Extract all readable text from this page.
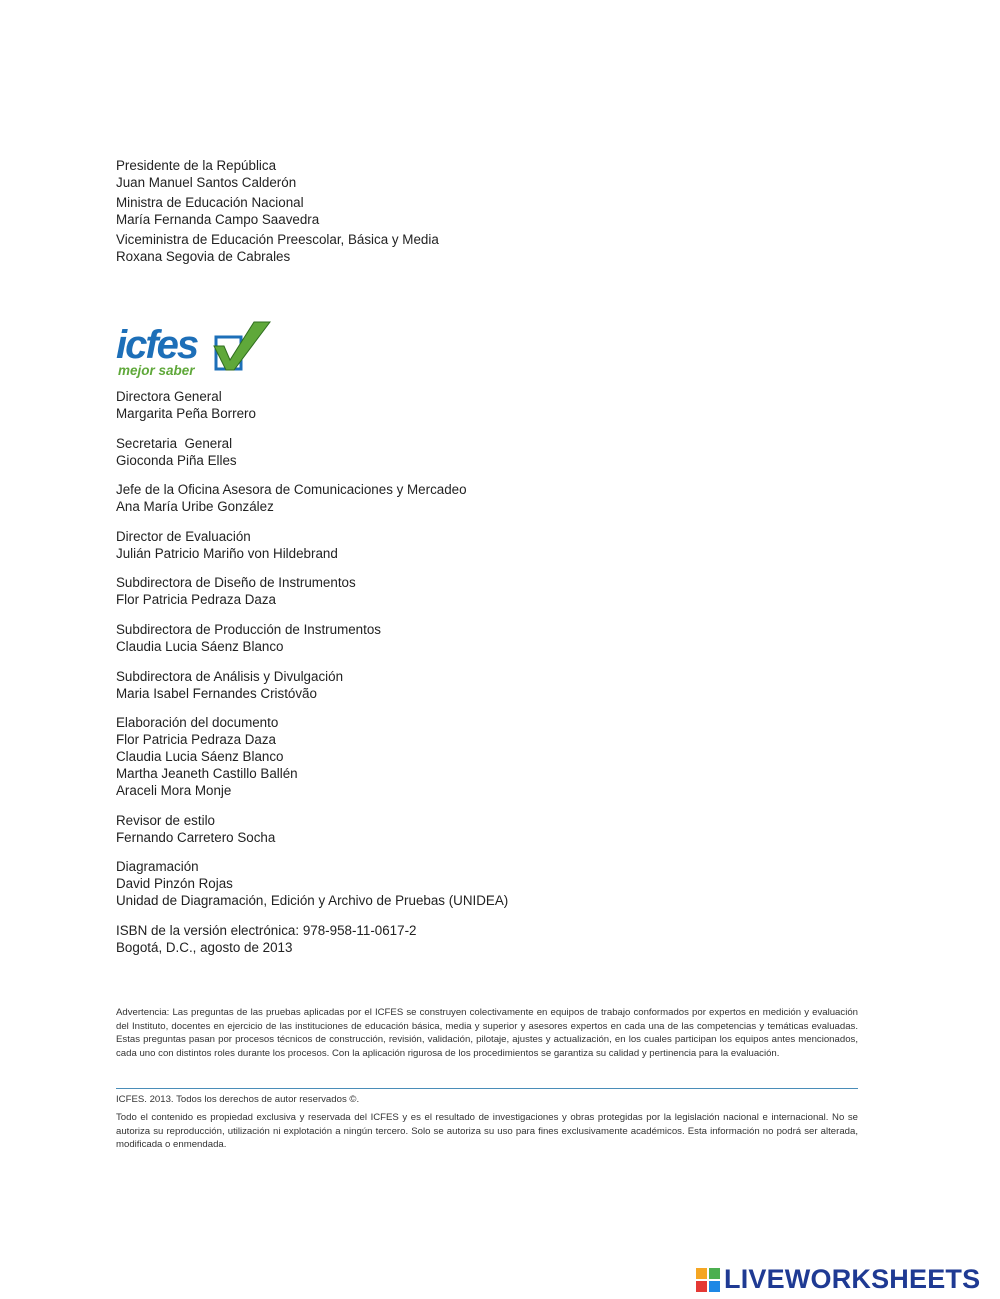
Presidente de la República
Juan Manuel Santos Calderón
Ministra de Educación Nacional
María Fernanda Campo Saavedra
Viceministra de Educación Preescolar, Básica y Media
Roxana Segovia de Cabrales
icfes
mejor saber
Directora General
Margarita Peña Borrero
Secretaria  General
Gioconda Piña Elles
Jefe de la Oficina Asesora de Comunicaciones y Mercadeo
Ana María Uribe González
Director de Evaluación
Julián Patricio Mariño von Hildebrand
Subdirectora de Diseño de Instrumentos
Flor Patricia Pedraza Daza
Subdirectora de Producción de Instrumentos
Claudia Lucia Sáenz Blanco
Subdirectora de Análisis y Divulgación
Maria Isabel Fernandes Cristóvão
Elaboración del documento
Flor Patricia Pedraza Daza
Claudia Lucia Sáenz Blanco
Martha Jeaneth Castillo Ballén
Araceli Mora Monje
Revisor de estilo
Fernando Carretero Socha
Diagramación
David Pinzón Rojas
Unidad de Diagramación, Edición y Archivo de Pruebas (UNIDEA)
ISBN de la versión electrónica: 978-958-11-0617-2
Bogotá, D.C., agosto de 2013
Advertencia: Las preguntas de las pruebas aplicadas por el ICFES se construyen colectivamente en equipos de trabajo conformados por expertos en medición y evaluación del Instituto, docentes en ejercicio de las instituciones de educación básica, media y superior y asesores expertos en cada una de las competencias y temáticas evaluadas. Estas preguntas pasan por procesos técnicos de construcción, revisión, validación, pilotaje, ajustes y actualización, en los cuales participan los equipos antes mencionados, cada uno con distintos roles durante los procesos. Con la aplicación rigurosa de los procedimientos se garantiza su calidad y pertinencia para la evaluación.
ICFES. 2013. Todos los derechos de autor reservados ©.
Todo el contenido es propiedad exclusiva y reservada del ICFES y es el resultado de investigaciones y obras protegidas por la legislación nacional e internacional. No se autoriza su reproducción, utilización ni explotación a ningún tercero. Solo se autoriza su uso para fines exclusivamente académicos. Esta información no podrá ser alterada, modificada o enmendada.
LIVEWORKSHEETS
